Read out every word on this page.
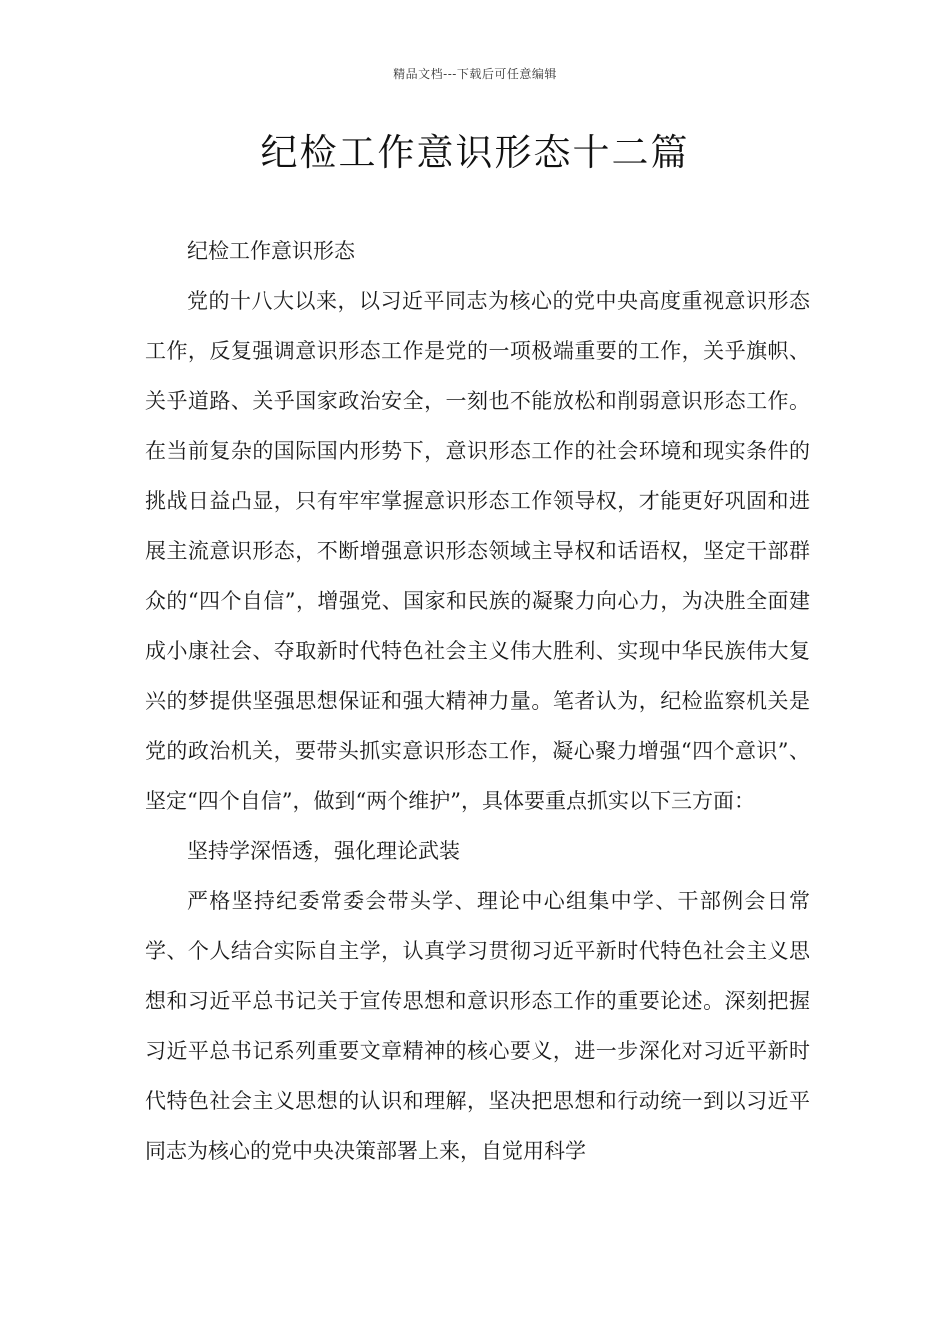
精品文档---下载后可任意编辑
纪检工作意识形态十二篇

纪检工作意识形态

党的十八大以来，以习近平同志为核心的党中央高度重视意识形态工作，反复强调意识形态工作是党的一项极端重要的工作，关乎旗帜、关乎道路、关乎国家政治安全，一刻也不能放松和削弱意识形态工作。在当前复杂的国际国内形势下，意识形态工作的社会环境和现实条件的挑战日益凸显，只有牢牢掌握意识形态工作领导权，才能更好巩固和进展主流意识形态，不断增强意识形态领域主导权和话语权，坚定干部群众的“四个自信”，增强党、国家和民族的凝聚力向心力，为决胜全面建成小康社会、夺取新时代特色社会主义伟大胜利、实现中华民族伟大复兴的梦提供坚强思想保证和强大精神力量。笔者认为，纪检监察机关是党的政治机关，要带头抓实意识形态工作，凝心聚力增强“四个意识”、坚定“四个自信”，做到“两个维护”，具体要重点抓实以下三方面：

坚持学深悟透，强化理论武装

严格坚持纪委常委会带头学、理论中心组集中学、干部例会日常学、个人结合实际自主学，认真学习贯彻习近平新时代特色社会主义思想和习近平总书记关于宣传思想和意识形态工作的重要论述。深刻把握习近平总书记系列重要文章精神的核心要义，进一步深化对习近平新时代特色社会主义思想的认识和理解，坚决把思想和行动统一到以习近平同志为核心的党中央决策部署上来，自觉用科学
